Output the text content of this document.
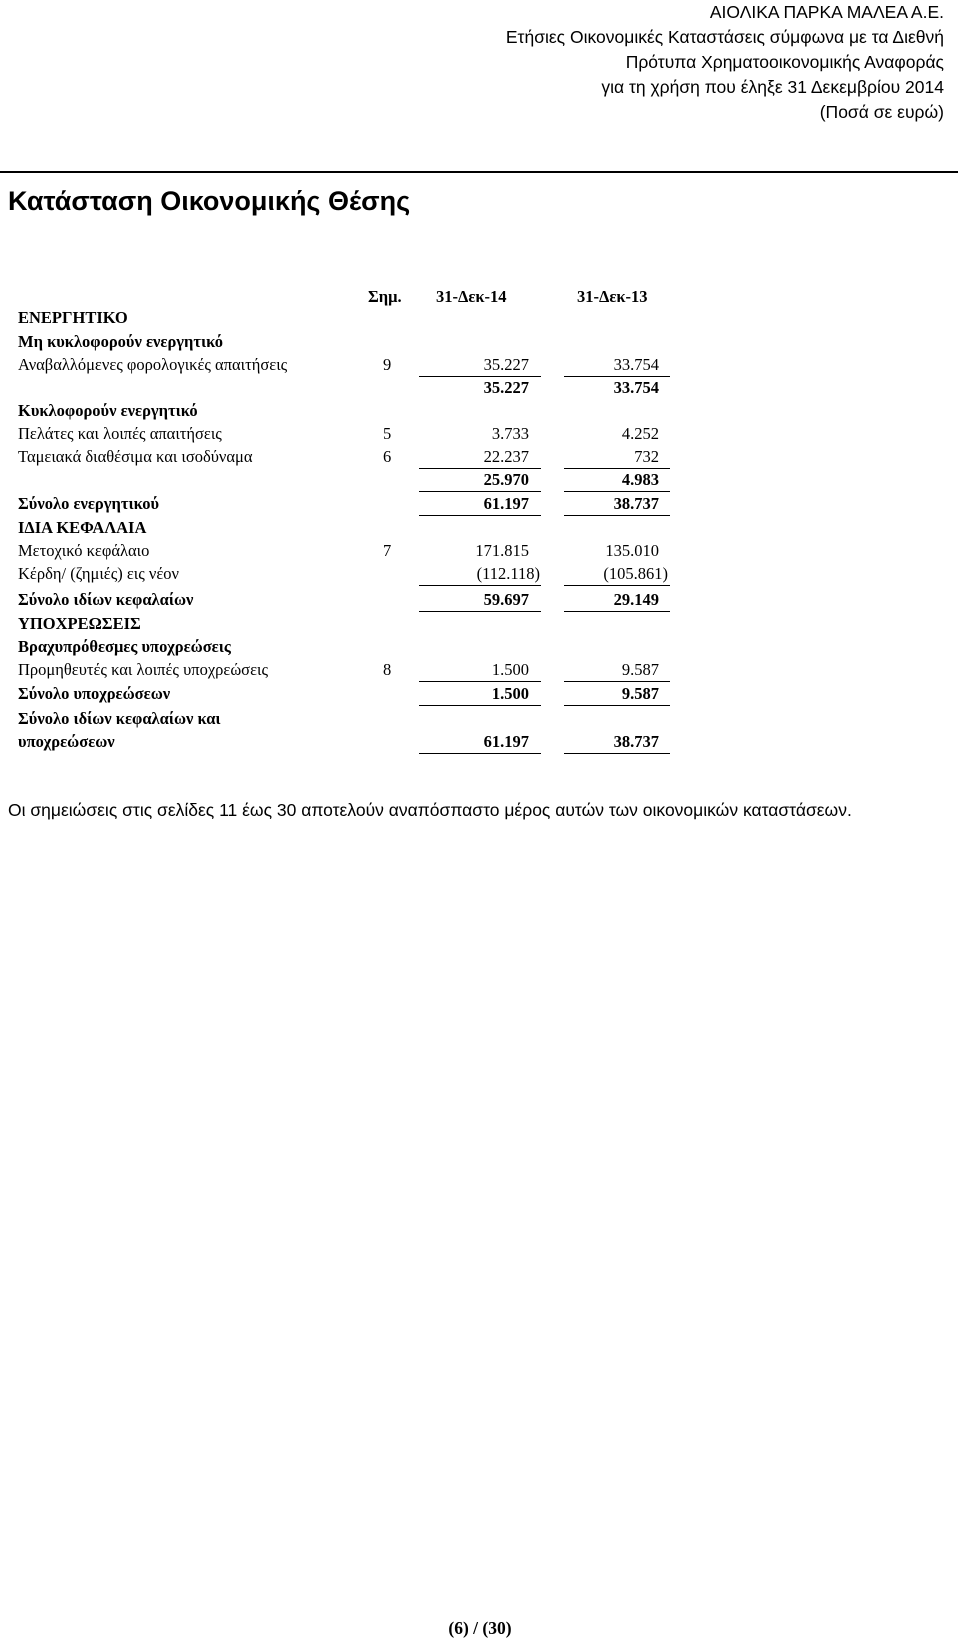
ΑΙΟΛΙΚΑ ΠΑΡΚΑ ΜΑΛΕΑ Α.Ε.
Ετήσιες Οικονομικές Καταστάσεις σύμφωνα με τα Διεθνή
Πρότυπα Χρηματοοικονομικής Αναφοράς
για τη χρήση που έληξε 31 Δεκεμβρίου 2014
(Ποσά σε ευρώ)
Κατάσταση Οικονομικής Θέσης
Σημ. 31-Δεκ-14	31-Δεκ-13
ΕΝΕΡΓΗΤΙΚΟ
Μη κυκλοφορούν ενεργητικό
Αναβαλλόμενες φορολογικές απαιτήσεις	9	35.227	33.754
35.227	33.754
Κυκλοφορούν ενεργητικό
Πελάτες και λοιπές απαιτήσεις	5	3.733	4.252
Ταμειακά διαθέσιμα και ισοδύναμα	6	22.237	732
25.970	4.983
Σύνολο ενεργητικού	61.197	38.737
ΙΔΙΑ ΚΕΦΑΛΑΙΑ
Μετοχικό κεφάλαιο	7	171.815	135.010
Κέρδη/ (ζημιές) εις νέον	(112.118)	(105.861)
Σύνολο ιδίων κεφαλαίων	59.697	29.149
ΥΠΟΧΡΕΩΣΕΙΣ
Βραχυπρόθεσμες υποχρεώσεις
Προμηθευτές και λοιπές υποχρεώσεις	8	1.500	9.587
Σύνολο υποχρεώσεων	1.500	9.587
Σύνολο ιδίων κεφαλαίων και
υποχρεώσεων	61.197	38.737
Οι σημειώσεις στις σελίδες 11 έως 30 αποτελούν αναπόσπαστο μέρος αυτών των οικονομικών καταστάσεων.
(6) / (30)
